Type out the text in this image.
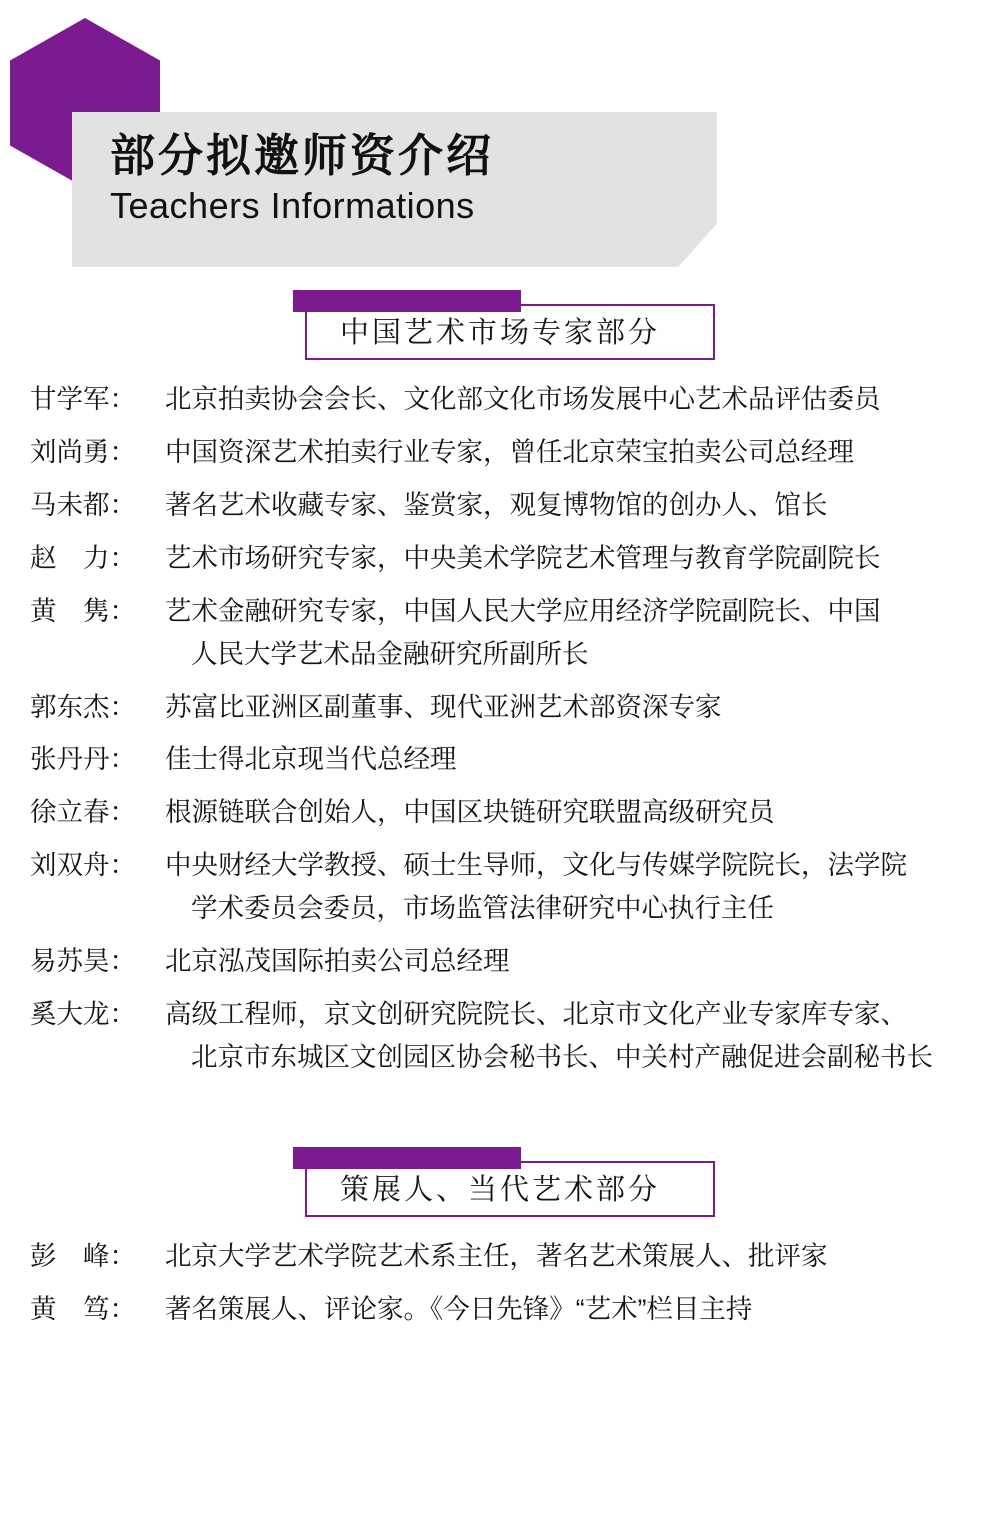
部分拟邀师资介绍
Teachers Informations
中国艺术市场专家部分
甘学军：	北京拍卖协会会长、文化部文化市场发展中心艺术品评估委员
刘尚勇：	中国资深艺术拍卖行业专家，曾任北京荣宝拍卖公司总经理
马未都：	著名艺术收藏专家、鉴赏家，观复博物馆的创办人、馆长
赵　力：	艺术市场研究专家，中央美术学院艺术管理与教育学院副院长
黄　隽：	艺术金融研究专家，中国人民大学应用经济学院副院长、中国
人民大学艺术品金融研究所副所长
郭东杰：	苏富比亚洲区副董事、现代亚洲艺术部资深专家
张丹丹：	佳士得北京现当代总经理
徐立春：	根源链联合创始人，中国区块链研究联盟高级研究员
刘双舟：	中央财经大学教授、硕士生导师，文化与传媒学院院长，法学院
学术委员会委员，市场监管法律研究中心执行主任
易苏昊：	北京泓茂国际拍卖公司总经理
奚大龙：	高级工程师，京文创研究院院长、北京市文化产业专家库专家、
北京市东城区文创园区协会秘书长、中关村产融促进会副秘书长
策展人、当代艺术部分
彭　峰：	北京大学艺术学院艺术系主任，著名艺术策展人、批评家
黄　笃：	著名策展人、评论家。《今日先锋》“艺术”栏目主持
